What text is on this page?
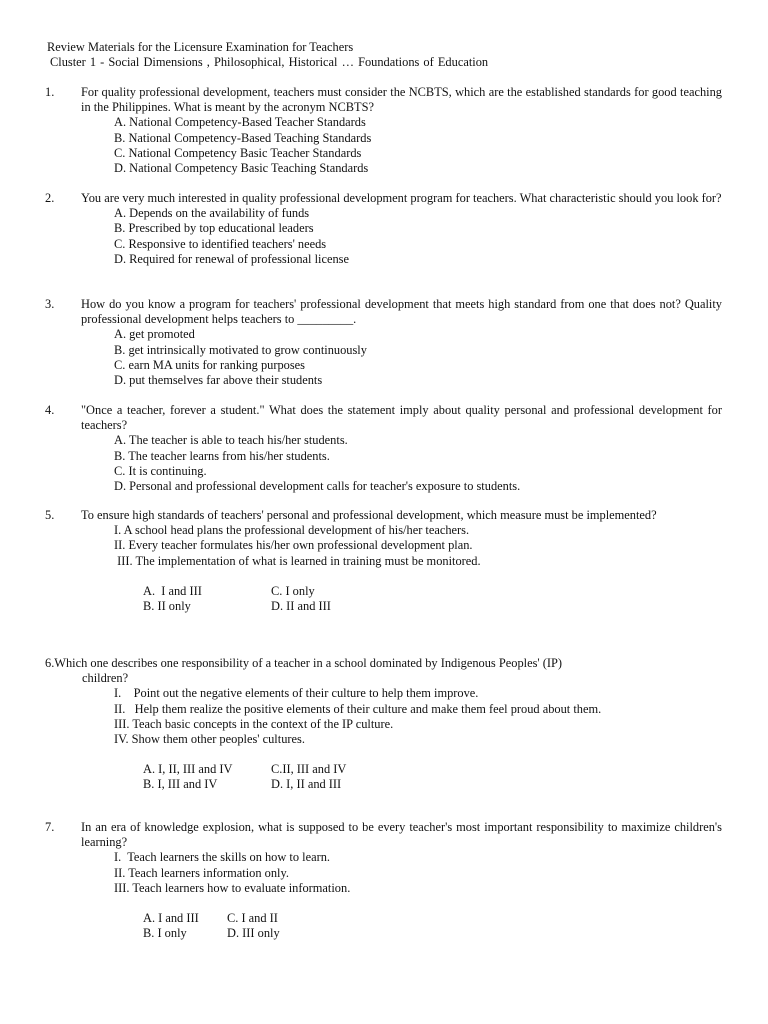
Review Materials for the Licensure Examination for Teachers
Cluster 1 - Social Dimensions , Philosophical, Historical … Foundations of Education
1. For quality professional development, teachers must consider the NCBTS, which are the established standards for good teaching in the Philippines. What is meant by the acronym NCBTS?
A. National Competency-Based Teacher Standards
B. National Competency-Based Teaching Standards
C. National Competency Basic Teacher Standards
D. National Competency Basic Teaching Standards
2. You are very much interested in quality professional development program for teachers. What characteristic should you look for?
A. Depends on the availability of funds
B. Prescribed by top educational leaders
C. Responsive to identified teachers' needs
D. Required for renewal of professional license
3. How do you know a program for teachers' professional development that meets high standard from one that does not? Quality professional development helps teachers to _________.
A. get promoted
B. get intrinsically motivated to grow continuously
C. earn MA units for ranking purposes
D. put themselves far above their students
4. "Once a teacher, forever a student." What does the statement imply about quality personal and professional development for teachers?
A. The teacher is able to teach his/her students.
B. The teacher learns from his/her students.
C. It is continuing.
D. Personal and professional development calls for teacher's exposure to students.
5. To ensure high standards of teachers' personal and professional development, which measure must be implemented?
I. A school head plans the professional development of his/her teachers.
II. Every teacher formulates his/her own professional development plan.
III. The implementation of what is learned in training must be monitored.
A.  I and III	C. I only
B. II only	D. II and III
6.Which one describes one responsibility of a teacher in a school dominated by Indigenous Peoples' (IP)
children?
I.    Point out the negative elements of their culture to help them improve.
II.   Help them realize the positive elements of their culture and make them feel proud about them.
III. Teach basic concepts in the context of the IP culture.
IV. Show them other peoples' cultures.
A. I, II, III and IV	C.II, III and IV
B. I, III and IV	D. I, II and III
7. In an era of knowledge explosion, what is supposed to be every teacher's most important responsibility to maximize children's learning?
I.  Teach learners the skills on how to learn.
II. Teach learners information only.
III. Teach learners how to evaluate information.
A. I and III	C. I and II
B. I only	D. III only
